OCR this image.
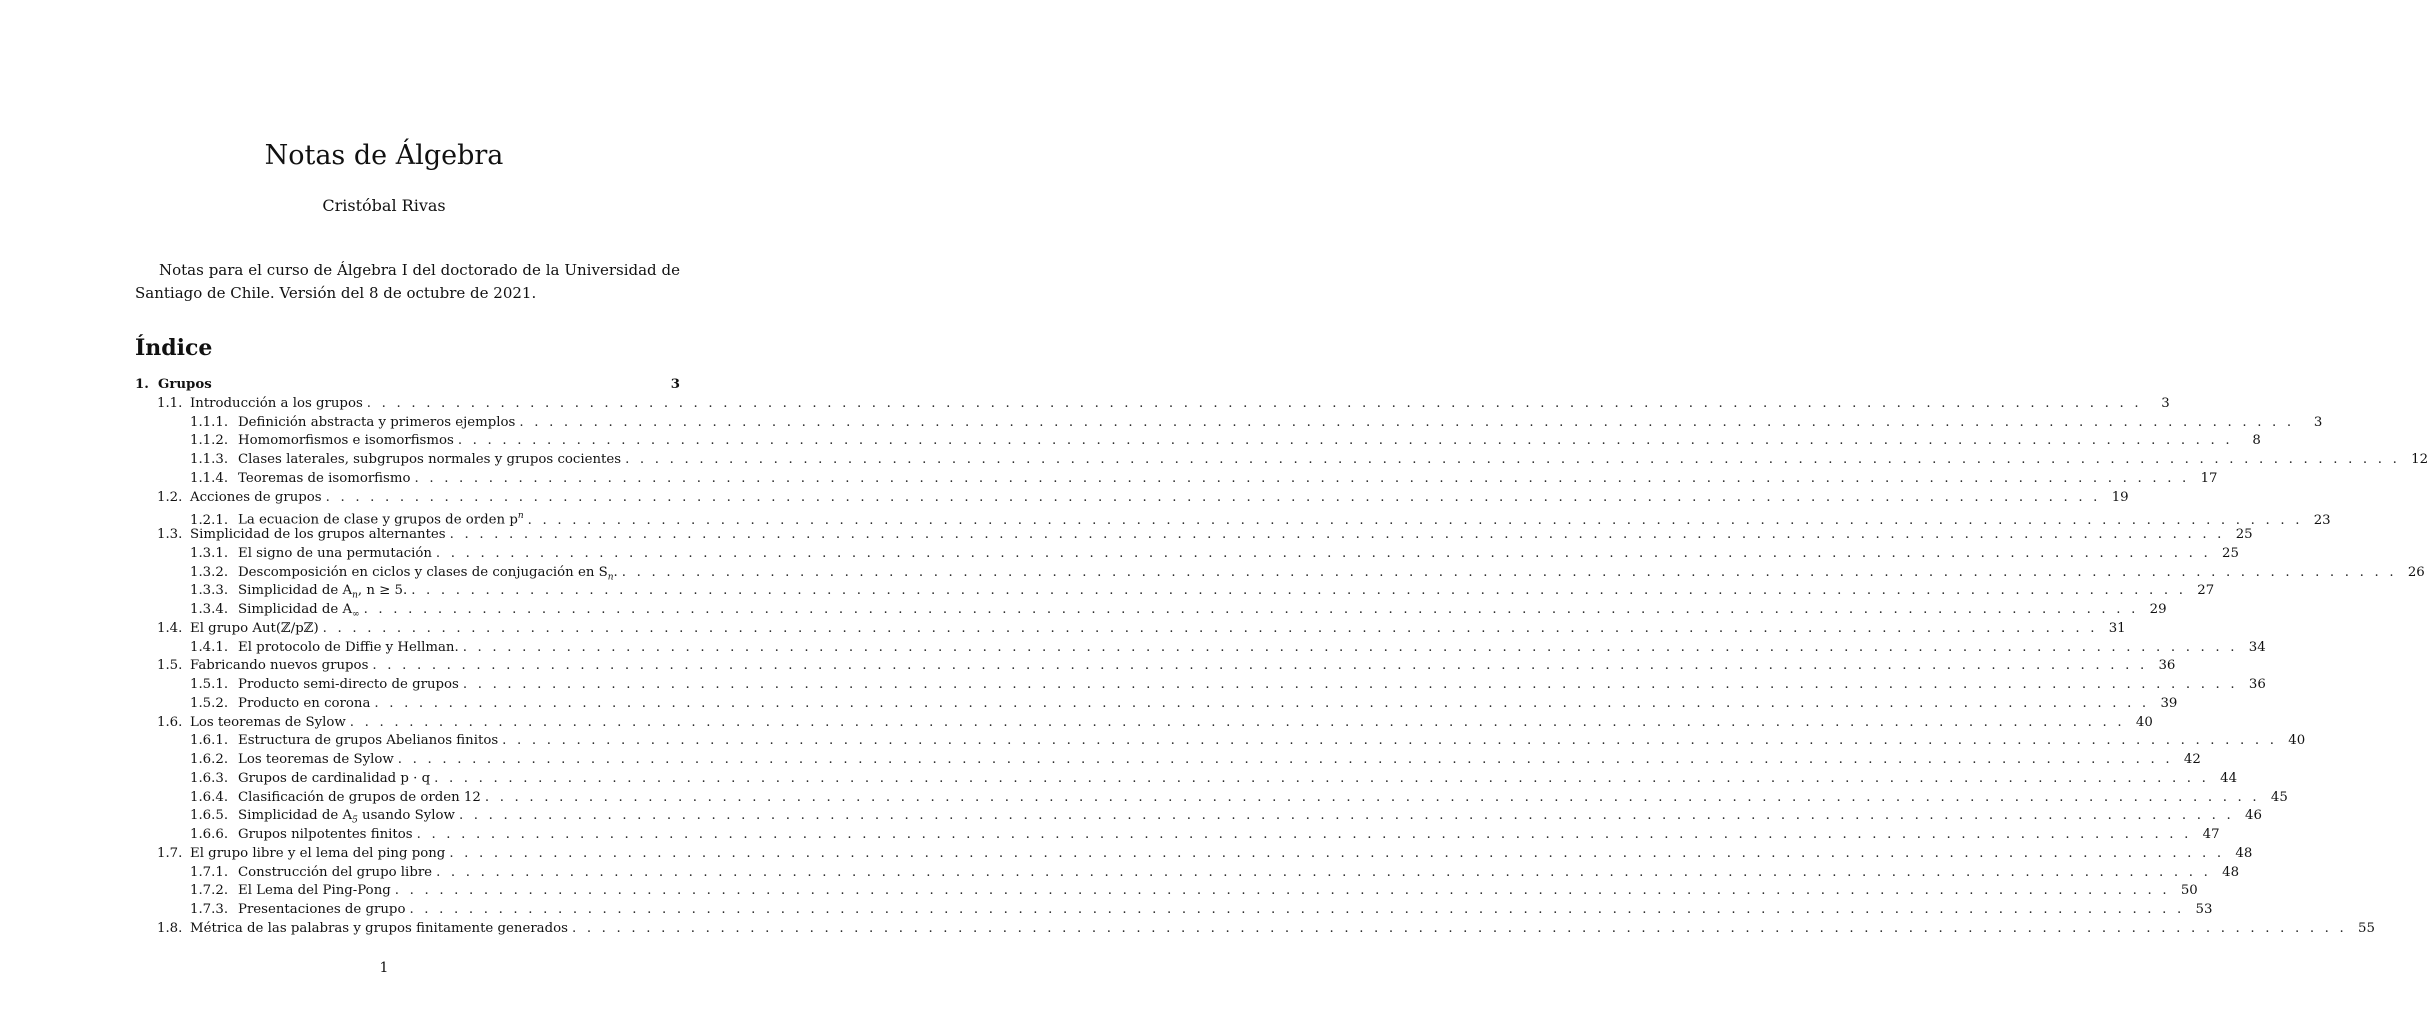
Notas de Álgebra
Cristóbal Rivas
Notas para el curso de Álgebra I del doctorado de la Universidad de Santiago de Chile. Versión del 8 de octubre de 2021.
Índice
1. Grupos	3
1.1. Introducción a los grupos . . . . . . . . . . . . . . . . . . . . . . . . . . . . . . . . . . . . . . . . . . . . . . . . . . . . . . . . . . . . . . . . . . . . . . . . . . . . . . . . . . . . . . . . . . . . . . . . . . . . . . . . . . . . . . . . . . . . . . . .	3
1.1.1. Definición abstracta y primeros ejemplos . . . . . . . . . . . . . . . . . . . . . . . . . . . . . . . . . . . . . . . . . . . . . . . . . . . . . . . . . . . . . . . . . . . . . . . . . . . . . . . . . . . . . . . . . . . . . . . . . . . . . . . . . . . . . . . . . . . . . . . .	3
1.1.2. Homomorfismos e isomorfismos . . . . . . . . . . . . . . . . . . . . . . . . . . . . . . . . . . . . . . . . . . . . . . . . . . . . . . . . . . . . . . . . . . . . . . . . . . . . . . . . . . . . . . . . . . . . . . . . . . . . . . . . . . . . . . . . . . . . . . . .	8
1.1.3. Clases laterales, subgrupos normales y grupos cocientes . . . . . . . . . . . . . . . . . . . . . . . . . . . . . . . . . . . . . . . . . . . . . . . . . . . . . . . . . . . . . . . . . . . . . . . . . . . . . . . . . . . . . . . . . . . . . . . . . . . . . . . . . . . . . . . . . . . . . . . . 12
1.1.4. Teoremas de isomorfismo . . . . . . . . . . . . . . . . . . . . . . . . . . . . . . . . . . . . . . . . . . . . . . . . . . . . . . . . . . . . . . . . . . . . . . . . . . . . . . . . . . . . . . . . . . . . . . . . . . . . . . . . . . . . . . . . . . . . . . . . 17
1.2. Acciones de grupos . . . . . . . . . . . . . . . . . . . . . . . . . . . . . . . . . . . . . . . . . . . . . . . . . . . . . . . . . . . . . . . . . . . . . . . . . . . . . . . . . . . . . . . . . . . . . . . . . . . . . . . . . . . . . . . . . . . . . . . . 19
1.2.1. La ecuacion de clase y grupos de orden $p^n$ . . . . . . . . . . . . . . . . . . . . . . . . . . . . . . . . . . . . . . . . . . . . . . . . . . . . . . . . . . . . . . . . . . . . . . . . . . . . . . . . . . . . . . . . . . . . . . . . . . . . . . . . . . . . . . . . . . . . . . . . 23
1.3. Simplicidad de los grupos alternantes . . . . . . . . . . . . . . . . . . . . . . . . . . . . . . . . . . . . . . . . . . . . . . . . . . . . . . . . . . . . . . . . . . . . . . . . . . . . . . . . . . . . . . . . . . . . . . . . . . . . . . . . . . . . . . . . . . . . . . . . 25
1.3.1. El signo de una permutación . . . . . . . . . . . . . . . . . . . . . . . . . . . . . . . . . . . . . . . . . . . . . . . . . . . . . . . . . . . . . . . . . . . . . . . . . . . . . . . . . . . . . . . . . . . . . . . . . . . . . . . . . . . . . . . . . . . . . . . . 25
1.3.2. Descomposición en ciclos y clases de conjugación en $S_n$. . . . . . . . . . . . . . . . . . . . . . . . . . . . . . . . . . . . . . . . . . . . . . . . . . . . . . . . . . . . . . . . . . . . . . . . . . . . . . . . . . . . . . . . . . . . . . . . . . . . . . . . . . . . . . . . . . . . . . . . . 26
1.3.3. Simplicidad de $A_n$, n ≥ 5. . . . . . . . . . . . . . . . . . . . . . . . . . . . . . . . . . . . . . . . . . . . . . . . . . . . . . . . . . . . . . . . . . . . . . . . . . . . . . . . . . . . . . . . . . . . . . . . . . . . . . . . . . . . . . . . . . . . . . . . . 27
1.3.4. Simplicidad de $A_\infty$ . . . . . . . . . . . . . . . . . . . . . . . . . . . . . . . . . . . . . . . . . . . . . . . . . . . . . . . . . . . . . . . . . . . . . . . . . . . . . . . . . . . . . . . . . . . . . . . . . . . . . . . . . . . . . . . . . . . . . . . . 29
1.4. El grupo Aut(ℤ/pℤ) . . . . . . . . . . . . . . . . . . . . . . . . . . . . . . . . . . . . . . . . . . . . . . . . . . . . . . . . . . . . . . . . . . . . . . . . . . . . . . . . . . . . . . . . . . . . . . . . . . . . . . . . . . . . . . . . . . . . . . . . 31
1.4.1. El protocolo de Diffie y Hellman. . . . . . . . . . . . . . . . . . . . . . . . . . . . . . . . . . . . . . . . . . . . . . . . . . . . . . . . . . . . . . . . . . . . . . . . . . . . . . . . . . . . . . . . . . . . . . . . . . . . . . . . . . . . . . . . . . . . . . . . . 34
1.5. Fabricando nuevos grupos . . . . . . . . . . . . . . . . . . . . . . . . . . . . . . . . . . . . . . . . . . . . . . . . . . . . . . . . . . . . . . . . . . . . . . . . . . . . . . . . . . . . . . . . . . . . . . . . . . . . . . . . . . . . . . . . . . . . . . . . 36
1.5.1. Producto semi-directo de grupos . . . . . . . . . . . . . . . . . . . . . . . . . . . . . . . . . . . . . . . . . . . . . . . . . . . . . . . . . . . . . . . . . . . . . . . . . . . . . . . . . . . . . . . . . . . . . . . . . . . . . . . . . . . . . . . . . . . . . . . . 36
1.5.2. Producto en corona . . . . . . . . . . . . . . . . . . . . . . . . . . . . . . . . . . . . . . . . . . . . . . . . . . . . . . . . . . . . . . . . . . . . . . . . . . . . . . . . . . . . . . . . . . . . . . . . . . . . . . . . . . . . . . . . . . . . . . . . 39
1.6. Los teoremas de Sylow . . . . . . . . . . . . . . . . . . . . . . . . . . . . . . . . . . . . . . . . . . . . . . . . . . . . . . . . . . . . . . . . . . . . . . . . . . . . . . . . . . . . . . . . . . . . . . . . . . . . . . . . . . . . . . . . . . . . . . . . 40
1.6.1. Estructura de grupos Abelianos finitos . . . . . . . . . . . . . . . . . . . . . . . . . . . . . . . . . . . . . . . . . . . . . . . . . . . . . . . . . . . . . . . . . . . . . . . . . . . . . . . . . . . . . . . . . . . . . . . . . . . . . . . . . . . . . . . . . . . . . . . . 40
1.6.2. Los teoremas de Sylow . . . . . . . . . . . . . . . . . . . . . . . . . . . . . . . . . . . . . . . . . . . . . . . . . . . . . . . . . . . . . . . . . . . . . . . . . . . . . . . . . . . . . . . . . . . . . . . . . . . . . . . . . . . . . . . . . . . . . . . . 42
1.6.3. Grupos de cardinalidad p · q . . . . . . . . . . . . . . . . . . . . . . . . . . . . . . . . . . . . . . . . . . . . . . . . . . . . . . . . . . . . . . . . . . . . . . . . . . . . . . . . . . . . . . . . . . . . . . . . . . . . . . . . . . . . . . . . . . . . . . . . 44
1.6.4. Clasificación de grupos de orden 12 . . . . . . . . . . . . . . . . . . . . . . . . . . . . . . . . . . . . . . . . . . . . . . . . . . . . . . . . . . . . . . . . . . . . . . . . . . . . . . . . . . . . . . . . . . . . . . . . . . . . . . . . . . . . . . . . . . . . . . . . 45
1.6.5. Simplicidad de $A_5$ usando Sylow . . . . . . . . . . . . . . . . . . . . . . . . . . . . . . . . . . . . . . . . . . . . . . . . . . . . . . . . . . . . . . . . . . . . . . . . . . . . . . . . . . . . . . . . . . . . . . . . . . . . . . . . . . . . . . . . . . . . . . . . 46
1.6.6. Grupos nilpotentes finitos . . . . . . . . . . . . . . . . . . . . . . . . . . . . . . . . . . . . . . . . . . . . . . . . . . . . . . . . . . . . . . . . . . . . . . . . . . . . . . . . . . . . . . . . . . . . . . . . . . . . . . . . . . . . . . . . . . . . . . . . 47
1.7. El grupo libre y el lema del ping pong . . . . . . . . . . . . . . . . . . . . . . . . . . . . . . . . . . . . . . . . . . . . . . . . . . . . . . . . . . . . . . . . . . . . . . . . . . . . . . . . . . . . . . . . . . . . . . . . . . . . . . . . . . . . . . . . . . . . . . . . 48
1.7.1. Construcción del grupo libre . . . . . . . . . . . . . . . . . . . . . . . . . . . . . . . . . . . . . . . . . . . . . . . . . . . . . . . . . . . . . . . . . . . . . . . . . . . . . . . . . . . . . . . . . . . . . . . . . . . . . . . . . . . . . . . . . . . . . . . . 48
1.7.2. El Lema del Ping-Pong . . . . . . . . . . . . . . . . . . . . . . . . . . . . . . . . . . . . . . . . . . . . . . . . . . . . . . . . . . . . . . . . . . . . . . . . . . . . . . . . . . . . . . . . . . . . . . . . . . . . . . . . . . . . . . . . . . . . . . . . 50
1.7.3. Presentaciones de grupo . . . . . . . . . . . . . . . . . . . . . . . . . . . . . . . . . . . . . . . . . . . . . . . . . . . . . . . . . . . . . . . . . . . . . . . . . . . . . . . . . . . . . . . . . . . . . . . . . . . . . . . . . . . . . . . . . . . . . . . . 53
1.8. Métrica de las palabras y grupos finitamente generados . . . . . . . . . . . . . . . . . . . . . . . . . . . . . . . . . . . . . . . . . . . . . . . . . . . . . . . . . . . . . . . . . . . . . . . . . . . . . . . . . . . . . . . . . . . . . . . . . . . . . . . . . . . . . . . . . . . . . . . . 55
1
